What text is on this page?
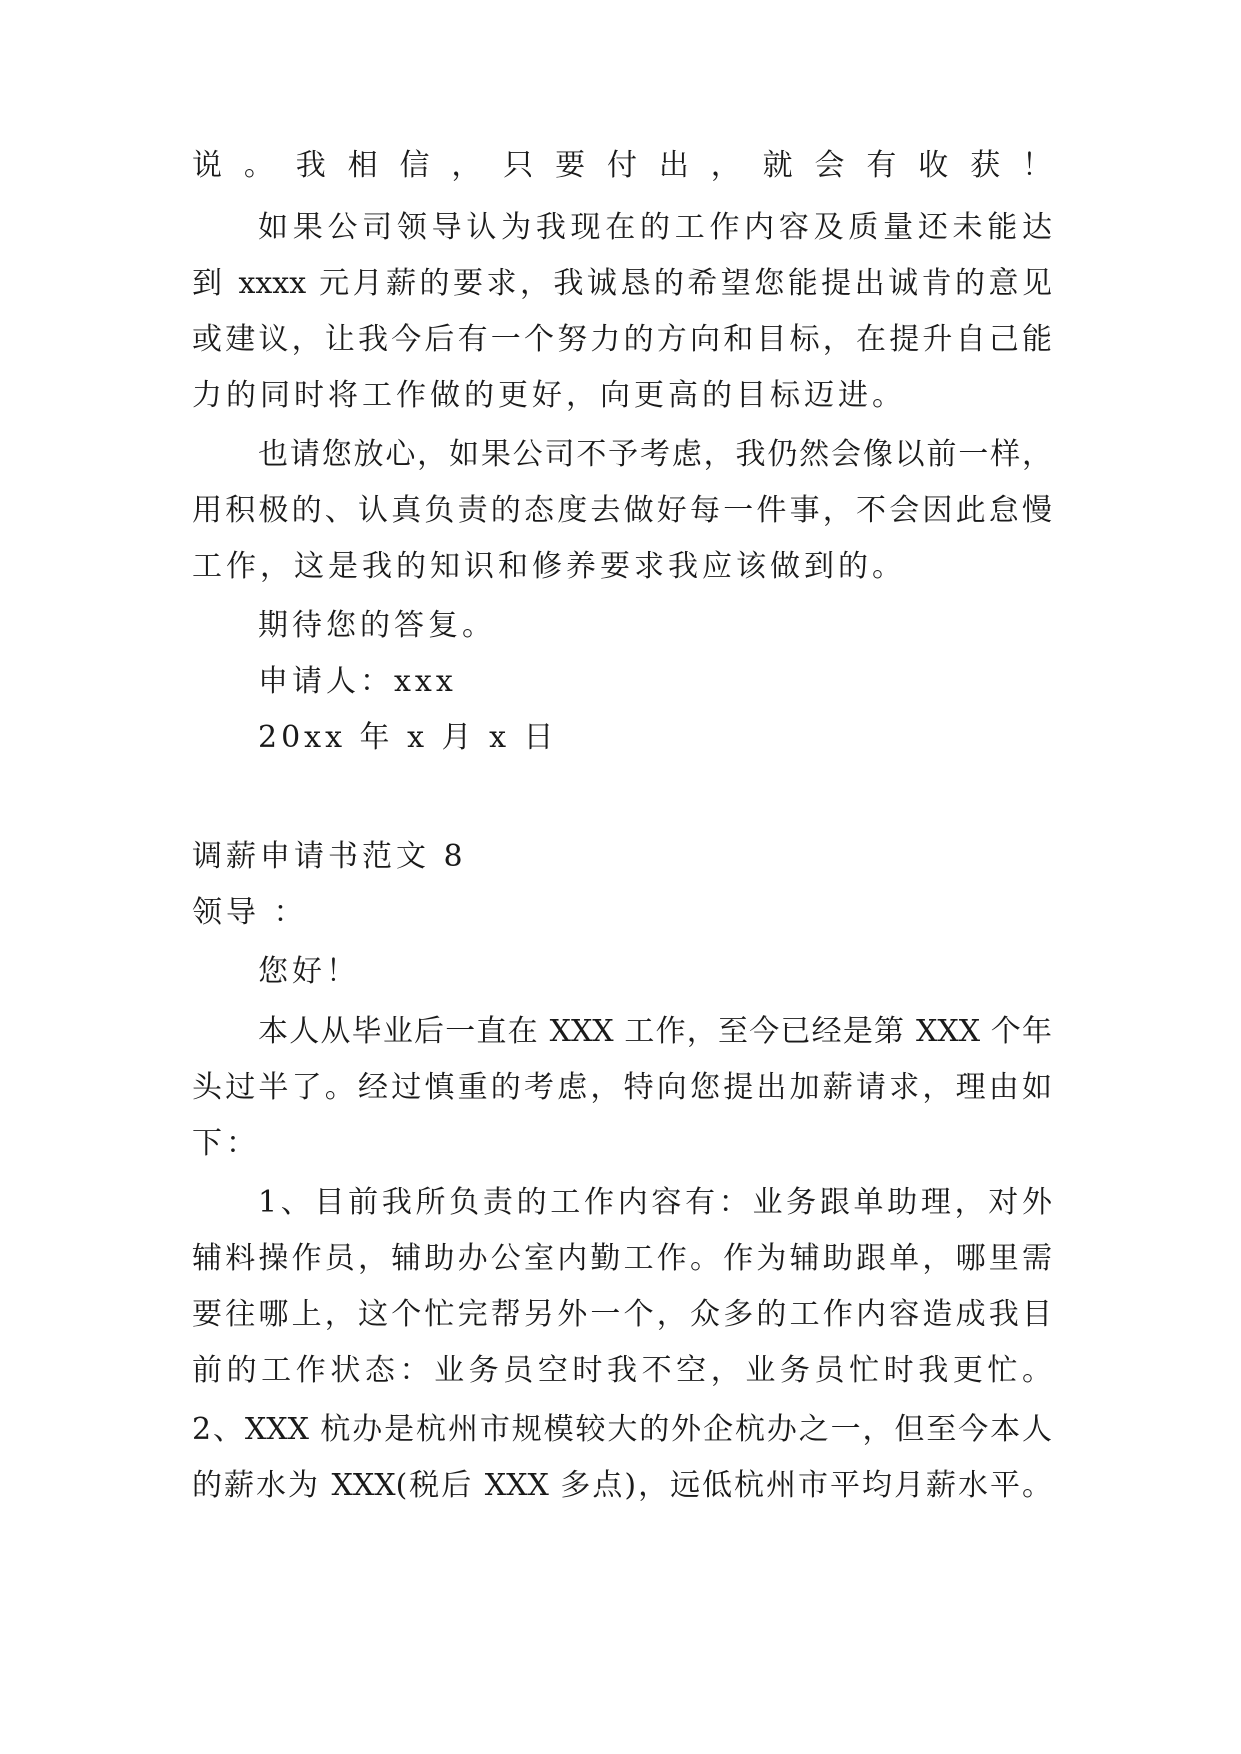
说。我相信，只要付出，就会有收获！
如果公司领导认为我现在的工作内容及质量还未能达
到 xxxx 元月薪的要求，我诚恳的希望您能提出诚肯的意见
或建议，让我今后有一个努力的方向和目标，在提升自己能
力的同时将工作做的更好，向更高的目标迈进。
也请您放心，如果公司不予考虑，我仍然会像以前一样，
用积极的、认真负责的态度去做好每一件事，不会因此怠慢
工作，这是我的知识和修养要求我应该做到的。
期待您的答复。
申请人：xxx
20xx 年 x 月 x 日
调薪申请书范文 8
领导 ：
您好！
本人从毕业后一直在 XXX 工作，至今已经是第 XXX 个年
头过半了。经过慎重的考虑，特向您提出加薪请求，理由如
下：
1、目前我所负责的工作内容有：业务跟单助理，对外
辅料操作员，辅助办公室内勤工作。作为辅助跟单，哪里需
要往哪上，这个忙完帮另外一个，众多的工作内容造成我目
前的工作状态：业务员空时我不空，业务员忙时我更忙。
2、XXX 杭办是杭州市规模较大的外企杭办之一，但至今本人
的薪水为 XXX(税后 XXX 多点)，远低杭州市平均月薪水平。
